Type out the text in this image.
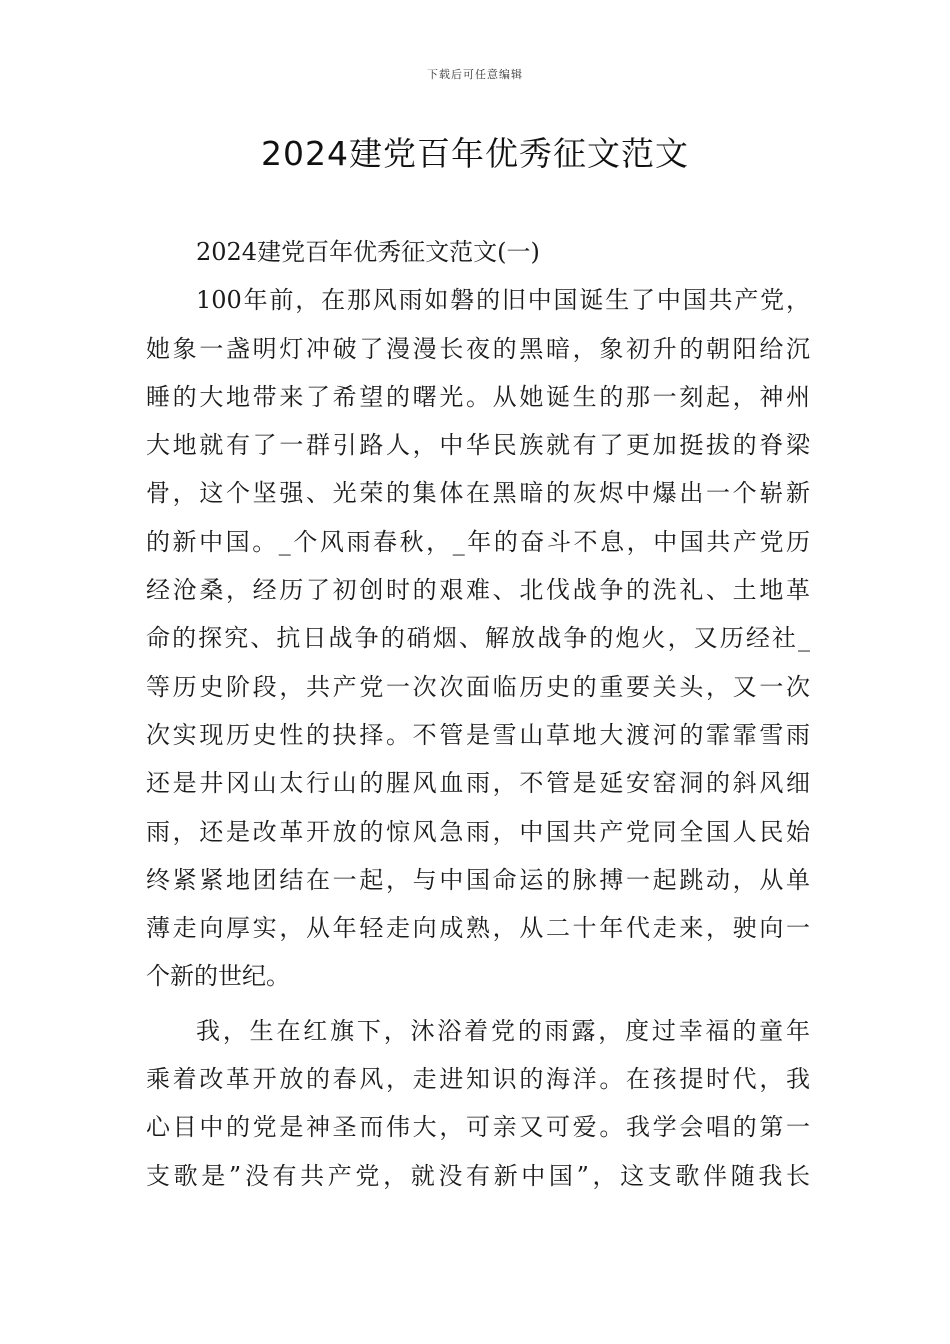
下载后可任意编辑
2024建党百年优秀征文范文
2024建党百年优秀征文范文(一)
100年前，在那风雨如磐的旧中国诞生了中国共产党，
她象一盏明灯冲破了漫漫长夜的黑暗，象初升的朝阳给沉
睡的大地带来了希望的曙光。从她诞生的那一刻起，神州
大地就有了一群引路人，中华民族就有了更加挺拔的脊梁
骨，这个坚强、光荣的集体在黑暗的灰烬中爆出一个崭新
的新中国。_个风雨春秋，_年的奋斗不息，中国共产党历
经沧桑，经历了初创时的艰难、北伐战争的洗礼、土地革
命的探究、抗日战争的硝烟、解放战争的炮火，又历经社_
等历史阶段，共产党一次次面临历史的重要关头，又一次
次实现历史性的抉择。不管是雪山草地大渡河的霏霏雪雨
还是井冈山太行山的腥风血雨，不管是延安窑洞的斜风细
雨，还是改革开放的惊风急雨，中国共产党同全国人民始
终紧紧地团结在一起，与中国命运的脉搏一起跳动，从单
薄走向厚实，从年轻走向成熟，从二十年代走来，驶向一
个新的世纪。
我，生在红旗下，沐浴着党的雨露，度过幸福的童年
乘着改革开放的春风，走进知识的海洋。在孩提时代，我
心目中的党是神圣而伟大，可亲又可爱。我学会唱的第一
支歌是”没有共产党，就没有新中国”，这支歌伴随我长
